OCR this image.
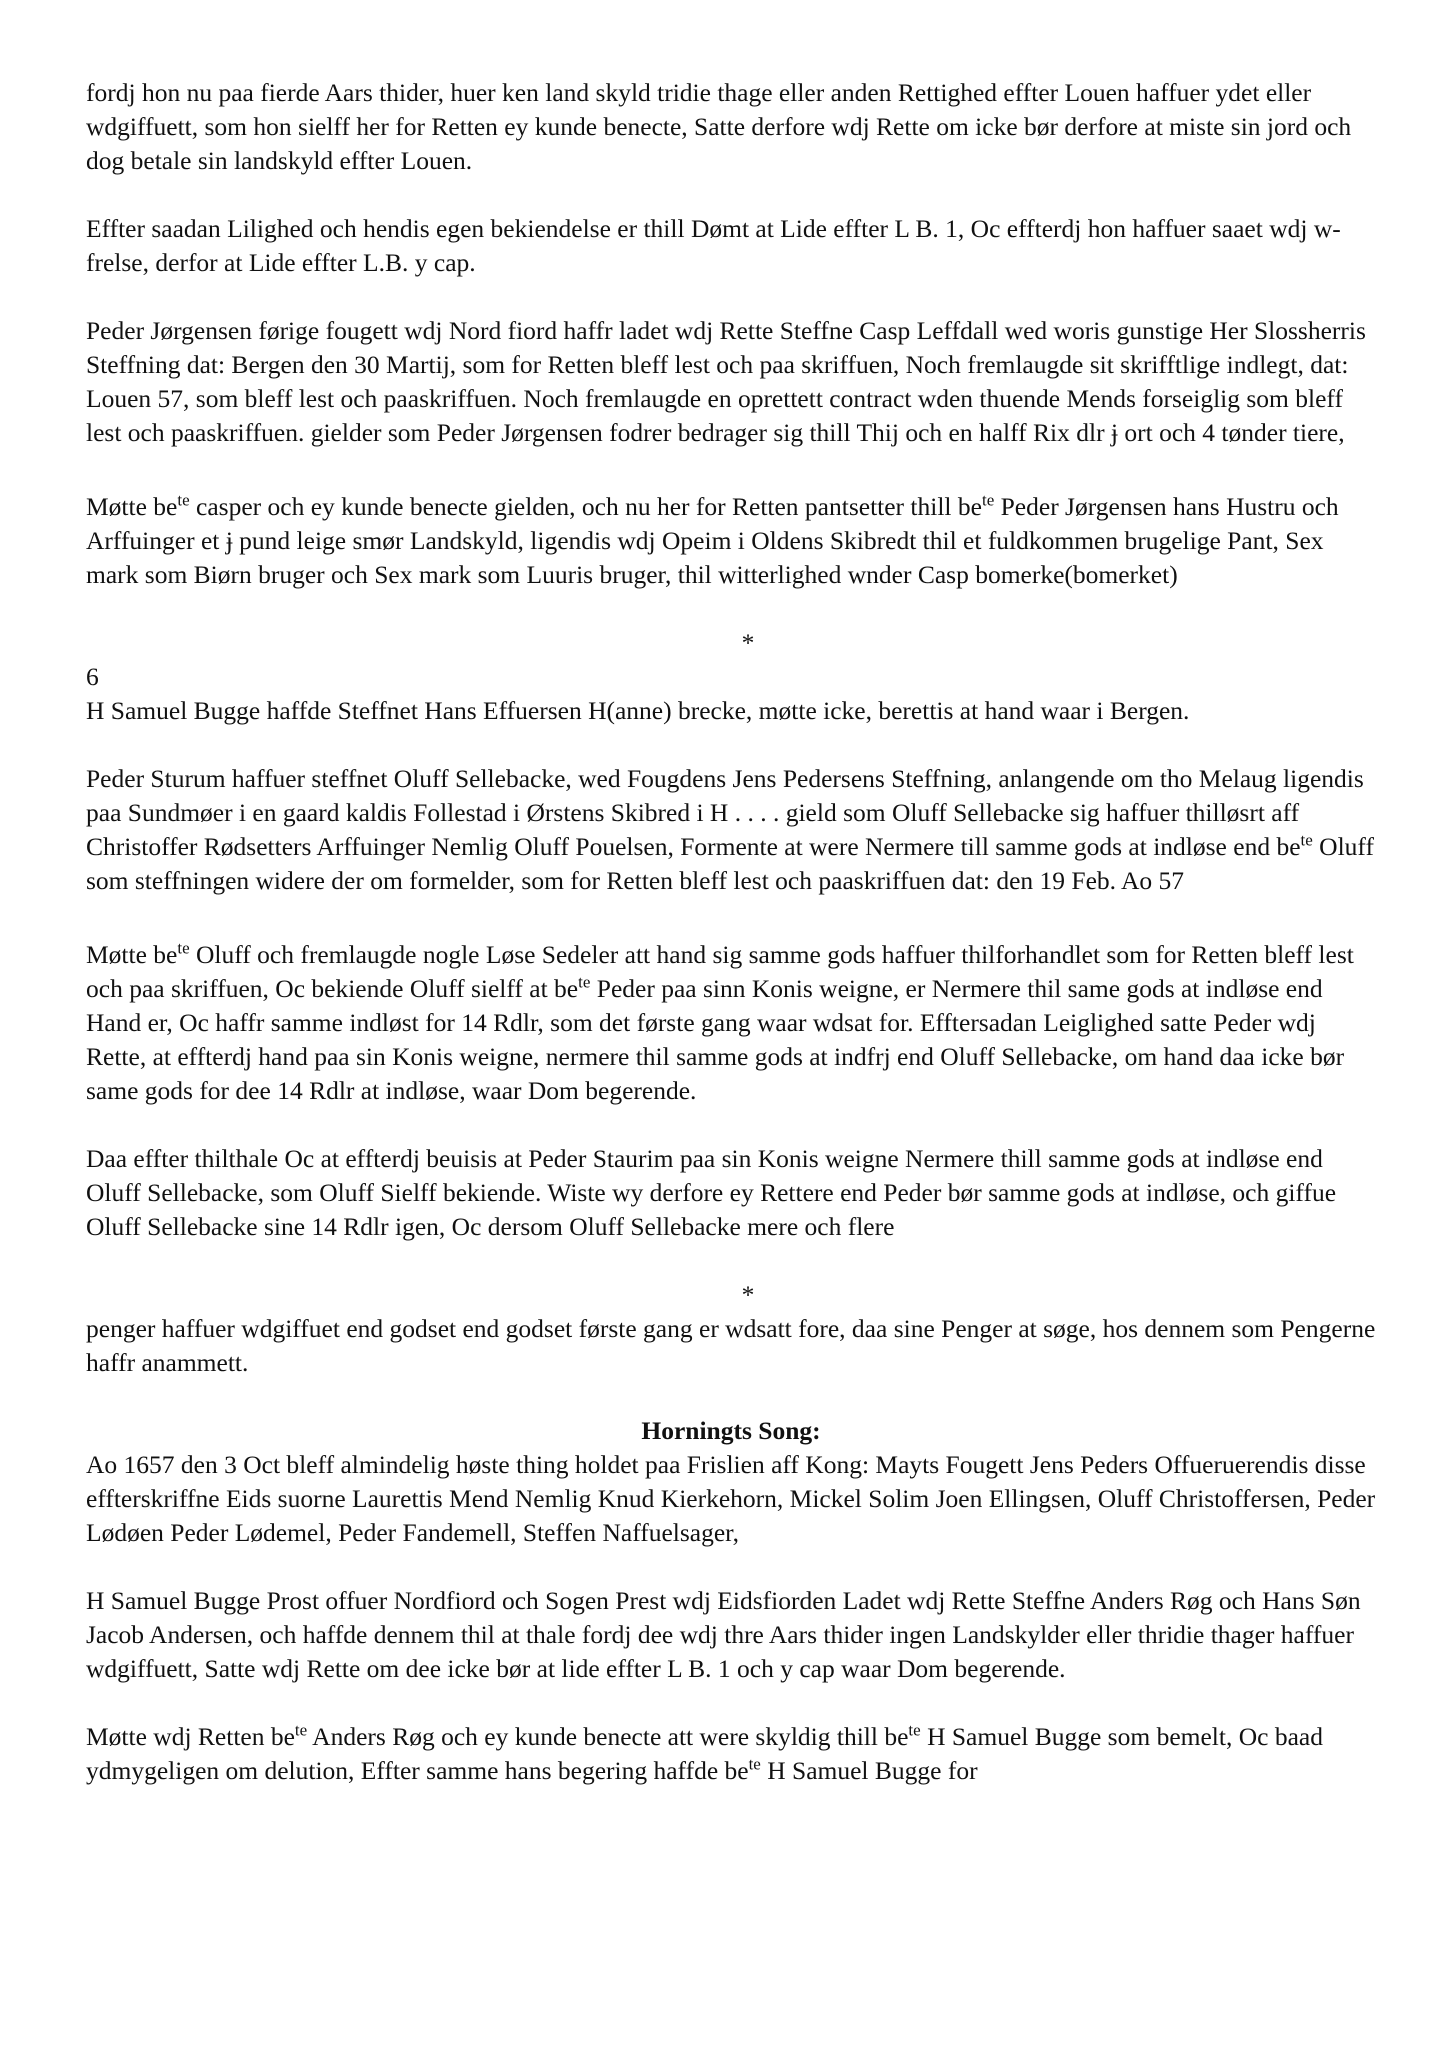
fordj hon nu paa fierde Aars thider, huer ken land skyld tridie thage eller anden Rettighed effter Louen haffuer ydet eller wdgiffuett, som hon sielff her for Retten ey kunde benecte, Satte derfore wdj Rette om icke bør derfore at miste sin jord och dog betale sin landskyld effter Louen.

Effter saadan Lilighed och hendis egen bekiendelse er thill Dømt at Lide effter L B. 1, Oc effterdj hon haffuer saaet wdj w-frelse, derfor at Lide effter L.B. y cap.

Peder Jørgensen førige fougett wdj Nord fiord haffr ladet wdj Rette Steffne Casp Leffdall wed woris gunstige Her Slossherris Steffning dat: Bergen den 30 Martij, som for Retten bleff lest och paa skriffuen, Noch fremlaugde sit skrifftlige indlegt, dat: Louen 57, som bleff lest och paaskriffuen. Noch fremlaugde en oprettett contract wden thuende Mends forseiglig som bleff lest och paaskriffuen. gielder som Peder Jørgensen fodrer bedrager sig thill Thij och en halff Rix dlr ɉ ort och 4 tønder tiere,

Møtte $be^{te}$ casper och ey kunde benecte gielden, och nu her for Retten pantsetter thill $be^{te}$ Peder Jørgensen hans Hustru och Arffuinger et ɉ pund leige smør Landskyld, ligendis wdj Opeim i Oldens Skibredt thil et fuldkommen brugelige Pant, Sex mark som Biørn bruger och Sex mark som Luuris bruger, thil witterlighed wnder Casp bomerke(bomerket)

*

6

H Samuel Bugge haffde Steffnet Hans Effuersen H(anne) brecke, møtte icke, berettis at hand waar i Bergen.

Peder Sturum haffuer steffnet Oluff Sellebacke, wed Fougdens Jens Pedersens Steffning, anlangende om tho Melaug ligendis paa Sundmøer i en gaard kaldis Follestad i Ørstens Skibred i H . . . . gield som Oluff Sellebacke sig haffuer thilløsrt aff Christoffer Rødsetters Arffuinger Nemlig Oluff Pouelsen, Formente at were Nermere till samme gods at indløse end $be^{te}$ Oluff som steffningen widere der om formelder, som for Retten bleff lest och paaskriffuen dat: den 19 Feb. Ao 57

Møtte $be^{te}$ Oluff och fremlaugde nogle Løse Sedeler att hand sig samme gods haffuer thilforhandlet som for Retten bleff lest och paa skriffuen, Oc bekiende Oluff sielff at $be^{te}$ Peder paa sinn Konis weigne, er Nermere thil same gods at indløse end Hand er, Oc haffr samme indløst for 14 Rdlr, som det første gang waar wdsat for. Efftersadan Leiglighed satte Peder wdj Rette, at effterdj hand paa sin Konis weigne, nermere thil samme gods at indfrj end Oluff Sellebacke, om hand daa icke bør same gods for dee 14 Rdlr at indløse, waar Dom begerende.

Daa effter thilthale Oc at effterdj beuisis at Peder Staurim paa sin Konis weigne Nermere thill samme gods at indløse end Oluff Sellebacke, som Oluff Sielff bekiende. Wiste wy derfore ey Rettere end Peder bør samme gods at indløse, och giffue Oluff Sellebacke sine 14 Rdlr igen, Oc dersom Oluff Sellebacke mere och flere

*

penger haffuer wdgiffuet end godset end godset første gang er wdsatt fore, daa sine Penger at søge, hos dennem som Pengerne haffr anammett.

Horningts Song:

Ao 1657 den 3 Oct bleff almindelig høste thing holdet paa Frislien aff Kong: Mayts Fougett Jens Peders Offueruerendis disse effterskriffne Eids suorne Laurettis Mend Nemlig Knud Kierkehorn, Mickel Solim Joen Ellingsen, Oluff Christoffersen, Peder Lødøen Peder Lødemel, Peder Fandemell, Steffen Naffuelsager,

H Samuel Bugge Prost offuer Nordfiord och Sogen Prest wdj Eidsfiorden Ladet wdj Rette Steffne Anders Røg och Hans Søn Jacob Andersen, och haffde dennem thil at thale fordj dee wdj thre Aars thider ingen Landskylder eller thridie thager haffuer wdgiffuett, Satte wdj Rette om dee icke bør at lide effter L B. 1 och y cap waar Dom begerende.

Møtte wdj Retten $be^{te}$ Anders Røg och ey kunde benecte att were skyldig thill $be^{te}$ H Samuel Bugge som bemelt, Oc baad ydmygeligen om delution, Effter samme hans begering haffde $be^{te}$ H Samuel Bugge for
